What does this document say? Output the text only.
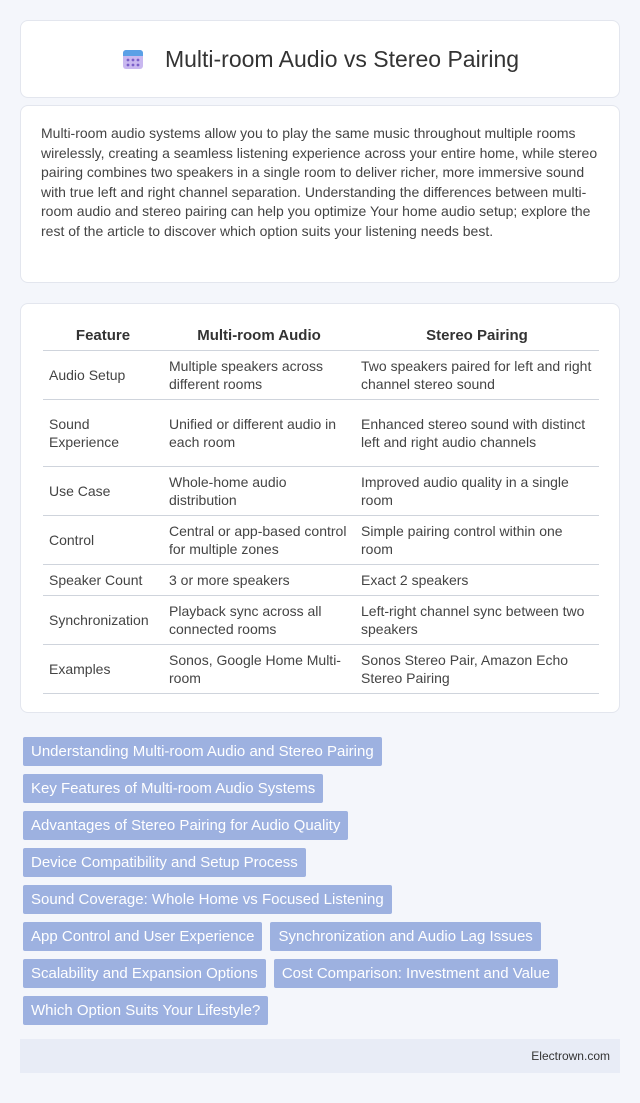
Multi-room Audio vs Stereo Pairing

Multi-room audio systems allow you to play the same music throughout multiple rooms wirelessly, creating a seamless listening experience across your entire home, while stereo pairing combines two speakers in a single room to deliver richer, more immersive sound with true left and right channel separation. Understanding the differences between multi-room audio and stereo pairing can help you optimize Your home audio setup; explore the rest of the article to discover which option suits your listening needs best.

Feature	Multi-room Audio	Stereo Pairing
Audio Setup	Multiple speakers across different rooms	Two speakers paired for left and right channel stereo sound
Sound Experience	Unified or different audio in each room	Enhanced stereo sound with distinct left and right audio channels
Use Case	Whole-home audio distribution	Improved audio quality in a single room
Control	Central or app-based control for multiple zones	Simple pairing control within one room
Speaker Count	3 or more speakers	Exact 2 speakers
Synchronization	Playback sync across all connected rooms	Left-right channel sync between two speakers
Examples	Sonos, Google Home Multi-room	Sonos Stereo Pair, Amazon Echo Stereo Pairing
Understanding Multi-room Audio and Stereo Pairing
Key Features of Multi-room Audio Systems
Advantages of Stereo Pairing for Audio Quality
Device Compatibility and Setup Process
Sound Coverage: Whole Home vs Focused Listening
App Control and User Experience	Synchronization and Audio Lag Issues
Scalability and Expansion Options	Cost Comparison: Investment and Value
Which Option Suits Your Lifestyle?
Electrown.com
